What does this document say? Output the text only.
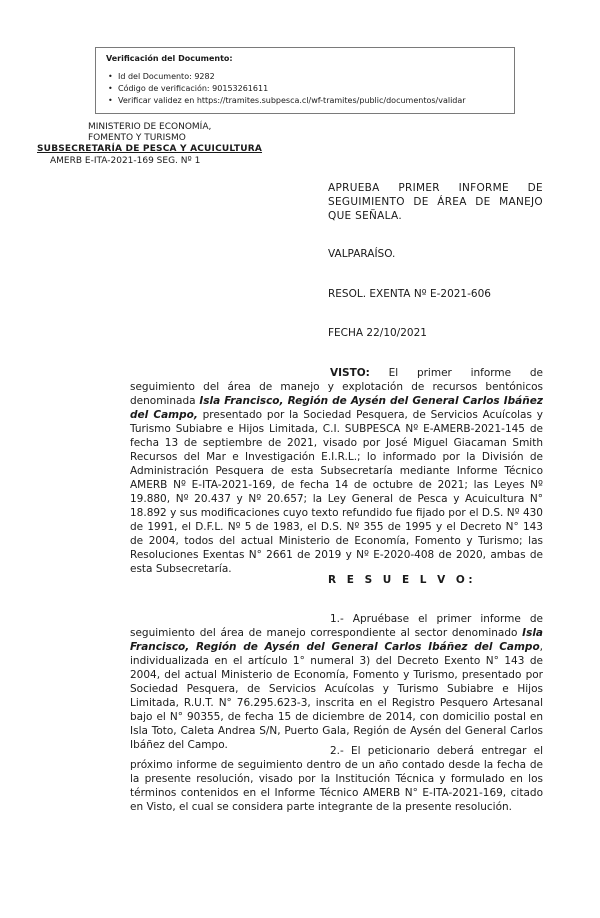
Verificación del Documento:
• Id del Documento: 9282
• Código de verificación: 90153261611
• Verificar validez en https://tramites.subpesca.cl/wf-tramites/public/documentos/validar
MINISTERIO DE ECONOMÍA,
FOMENTO Y TURISMO
SUBSECRETARÍA DE PESCA Y ACUICULTURA
AMERB E-ITA-2021-169 SEG. Nº 1
APRUEBA PRIMER INFORME DE SEGUIMIENTO DE ÁREA DE MANEJO QUE SEÑALA.
VALPARAÍSO.
RESOL. EXENTA Nº E-2021-606
FECHA 22/10/2021

VISTO: El primer informe de seguimiento del área de manejo y explotación de recursos bentónicos denominada Isla Francisco, Región de Aysén del General Carlos Ibáñez del Campo, presentado por la Sociedad Pesquera, de Servicios Acuícolas y Turismo Subiabre e Hijos Limitada, C.I. SUBPESCA Nº E-AMERB-2021-145 de fecha 13 de septiembre de 2021, visado por José Miguel Giacaman Smith Recursos del Mar e Investigación E.I.R.L.; lo informado por la División de Administración Pesquera de esta Subsecretaría mediante Informe Técnico AMERB Nº E-ITA-2021-169, de fecha 14 de octubre de 2021; las Leyes Nº 19.880, Nº 20.437 y Nº 20.657; la Ley General de Pesca y Acuicultura N° 18.892 y sus modificaciones cuyo texto refundido fue fijado por el D.S. Nº 430 de 1991, el D.F.L. Nº 5 de 1983, el D.S. Nº 355 de 1995 y el Decreto N° 143 de 2004, todos del actual Ministerio de Economía, Fomento y Turismo; las Resoluciones Exentas N° 2661 de 2019 y Nº E-2020-408 de 2020, ambas de esta Subsecretaría.

R E S U E L V O:

1.- Apruébase el primer informe de seguimiento del área de manejo correspondiente al sector denominado Isla Francisco, Región de Aysén del General Carlos Ibáñez del Campo, individualizada en el artículo 1° numeral 3) del Decreto Exento N° 143 de 2004, del actual Ministerio de Economía, Fomento y Turismo, presentado por Sociedad Pesquera, de Servicios Acuícolas y Turismo Subiabre e Hijos Limitada, R.U.T. N° 76.295.623-3, inscrita en el Registro Pesquero Artesanal bajo el N° 90355, de fecha 15 de diciembre de 2014, con domicilio postal en Isla Toto, Caleta Andrea S/N, Puerto Gala, Región de Aysén del General Carlos Ibáñez del Campo.	2.- El peticionario deberá entregar el próximo informe de seguimiento dentro de un año contado desde la fecha de la presente resolución, visado por la Institución Técnica y formulado en los términos contenidos en el Informe Técnico AMERB N° E-ITA-2021-169, citado en Visto, el cual se considera parte integrante de la presente resolución.
